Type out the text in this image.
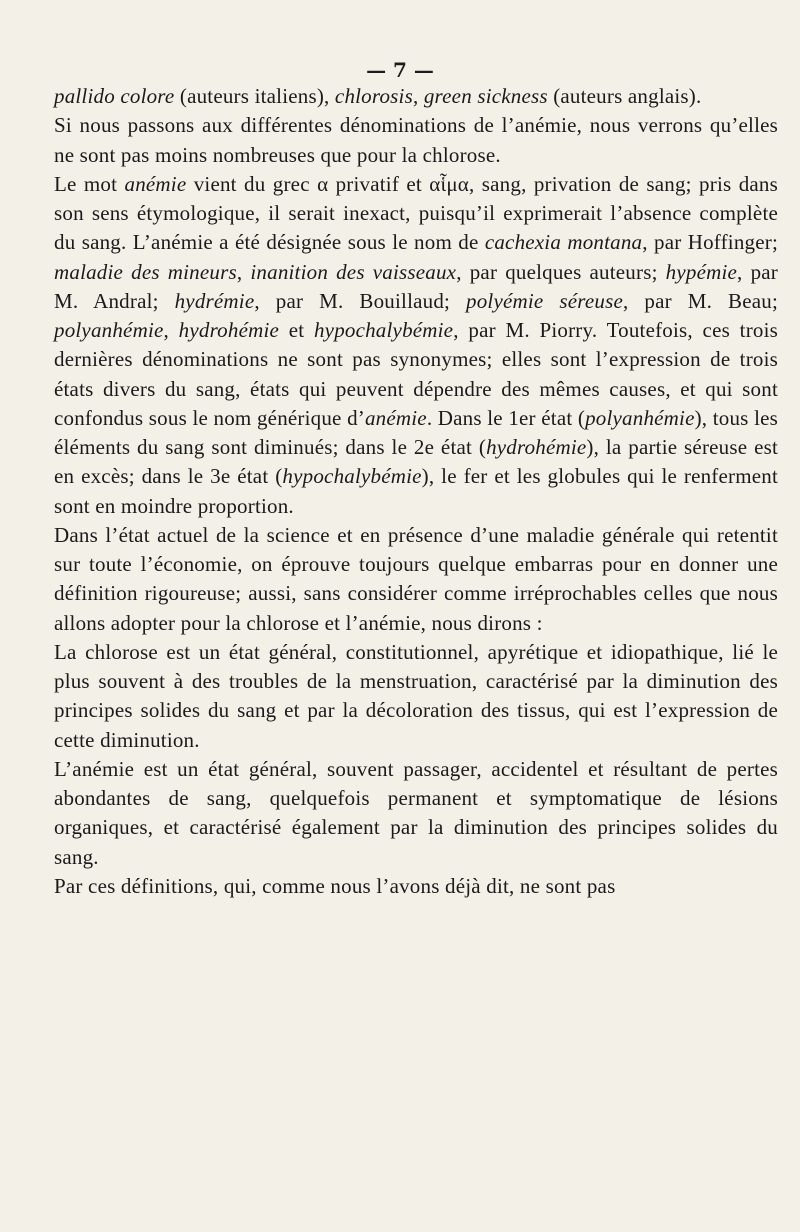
— 7 —

pallido colore (auteurs italiens), chlorosis, green sickness (auteurs anglais).

Si nous passons aux différentes dénominations de l’anémie, nous verrons qu’elles ne sont pas moins nombreuses que pour la chlorose.

Le mot anémie vient du grec α privatif et αἷμα, sang, privation de sang; pris dans son sens étymologique, il serait inexact, puisqu’il exprimerait l’absence complète du sang. L’anémie a été désignée sous le nom de cachexia montana, par Hoffinger; maladie des mineurs, inanition des vaisseaux, par quelques auteurs; hypémie, par M. Andral; hydrémie, par M. Bouillaud; polyémie séreuse, par M. Beau; polyanhémie, hydrohémie et hypochalybémie, par M. Piorry. Toutefois, ces trois dernières dénominations ne sont pas synonymes; elles sont l’expression de trois états divers du sang, états qui peuvent dépendre des mêmes causes, et qui sont confondus sous le nom générique d’anémie. Dans le 1er état (polyanhémie), tous les éléments du sang sont diminués; dans le 2e état (hydrohémie), la partie séreuse est en excès; dans le 3e état (hypochalybémie), le fer et les globules qui le renferment sont en moindre proportion.

Dans l’état actuel de la science et en présence d’une maladie générale qui retentit sur toute l’économie, on éprouve toujours quelque embarras pour en donner une définition rigoureuse; aussi, sans considérer comme irréprochables celles que nous allons adopter pour la chlorose et l’anémie, nous dirons :

La chlorose est un état général, constitutionnel, apyrétique et idiopathique, lié le plus souvent à des troubles de la menstruation, caractérisé par la diminution des principes solides du sang et par la décoloration des tissus, qui est l’expression de cette diminution.

L’anémie est un état général, souvent passager, accidentel et résultant de pertes abondantes de sang, quelquefois permanent et symptomatique de lésions organiques, et caractérisé également par la diminution des principes solides du sang.

Par ces définitions, qui, comme nous l’avons déjà dit, ne sont pas
